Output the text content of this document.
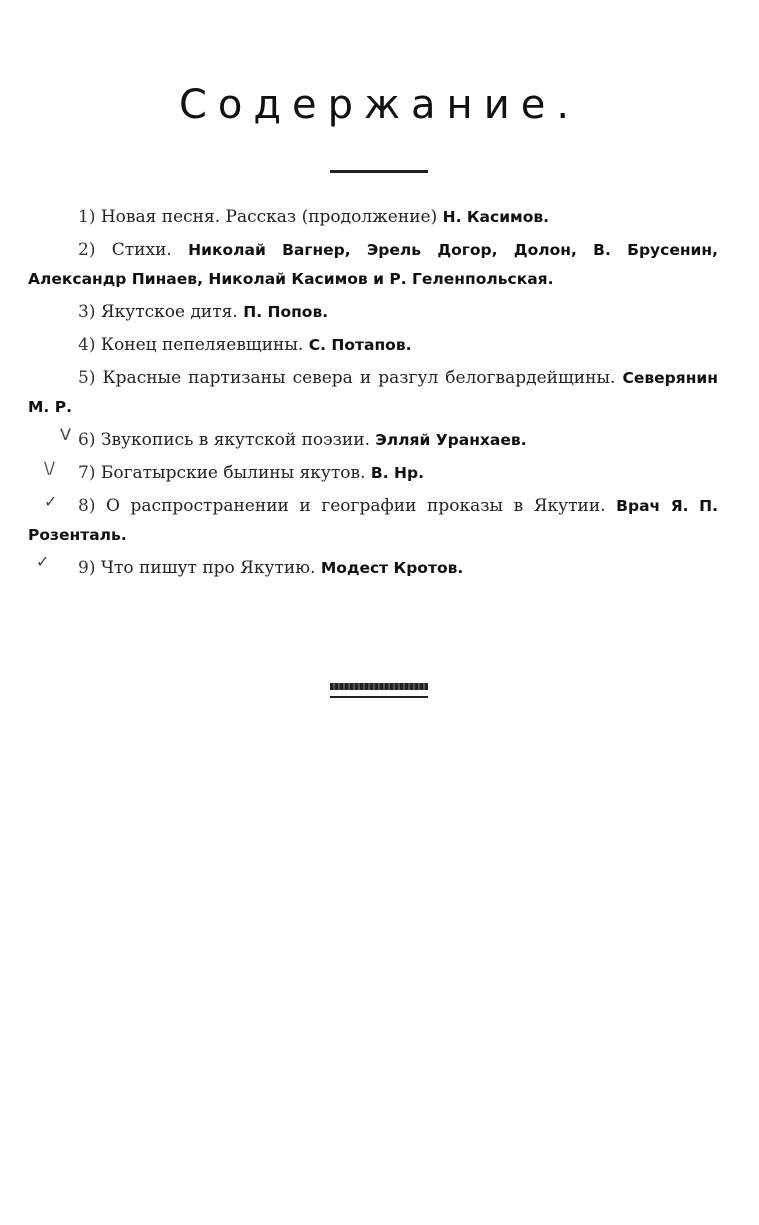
Содержание.
1) Новая песня. Рассказ (продолжение) Н. Касимов.
2) Стихи. Николай Вагнер, Эрель Догор, Долон, В. Брусенин, Александр Пинаев, Николай Касимов и Р. Геленпольская.
3) Якутское дитя. П. Попов.
4) Конец пепеляевщины. С. Потапов.
5) Красные партизаны севера и разгул белогвардейщины. Северянин М. Р.
6) Звукопись в якутской поэзии. Элляй Уранхаев.
7) Богатырские былины якутов. В. Нр.
8) О распространении и географии проказы в Якутии. Врач Я. П. Розенталь.
9) Что пишут про Якутию. Модест Кротов.
V
\/
✓
✓
